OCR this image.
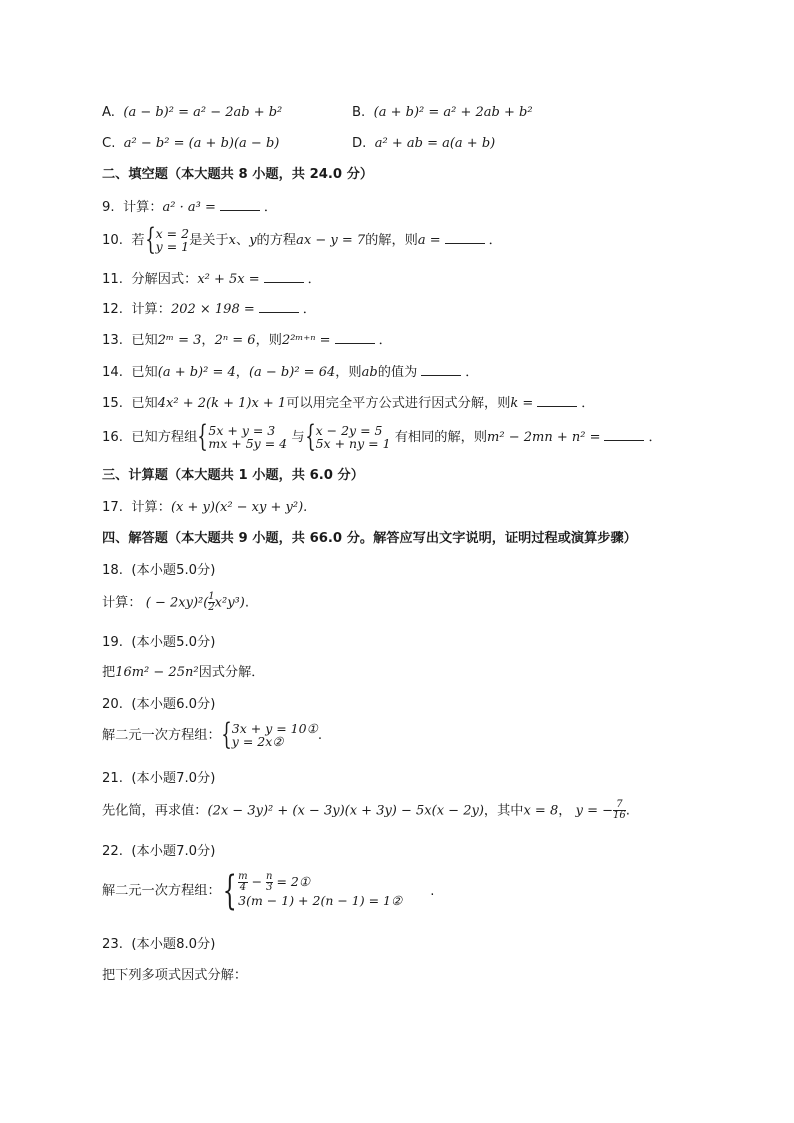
A. (a − b)² = a² − 2ab + b²	B. (a + b)² = a² + 2ab + b²
C. a² − b² = (a + b)(a − b)	D. a² + ab = a(a + b)
二、填空题（本大题共 8 小题，共 24.0 分）
9. 计算：a² · a³ =	．
10. 若 { x = 2
y = 1 是关于x、y的方程ax − y = 7的解，则a =	．
11. 分解因式：x² + 5x =	．
12. 计算：202 × 198 =	．
13. 已知2ᵐ = 3，2ⁿ = 6，则2²ᵐ⁺ⁿ =	．
14. 已知(a + b)² = 4，(a − b)² = 64，则ab的值为	．
15. 已知4x² + 2(k + 1)x + 1可以用完全平方公式进行因式分解，则k =	．
16. 已知方程组 { 5x + y = 3
mx + 5y = 4 与 { x − 2y = 5
5x + ny = 1 有相同的解，则m² − 2mn + n² =	．
三、计算题（本大题共 1 小题，共 6.0 分）
17. 计算：(x + y)(x² − xy + y²).
四、解答题（本大题共 9 小题，共 66.0 分。解答应写出文字说明，证明过程或演算步骤）
18. (本小题5.0分)
计算： ( − $2xy)^2( \frac{1}{2} x^2y^3)$.
19. (本小题5.0分)
把16m² − 25n²因式分解．
20. (本小题6.0分)
解二元一次方程组： { 3x + y = 10①
y = 2x②	.
21. (本小题7.0分)
先化简，再求值：(2x − 3y)² + (x − 3y)(x + 3y) − 5x(x − 2y)，其中x = 8， y = − $\frac{7}{16}$ .
22. (本小题7.0分)
解二元一次方程组： { $\frac{m}{4} - \frac{n}{3}$ = 2①
3(m − 1) + 2(n − 1) = 1②
.
23. (本小题8.0分)
把下列多项式因式分解：
